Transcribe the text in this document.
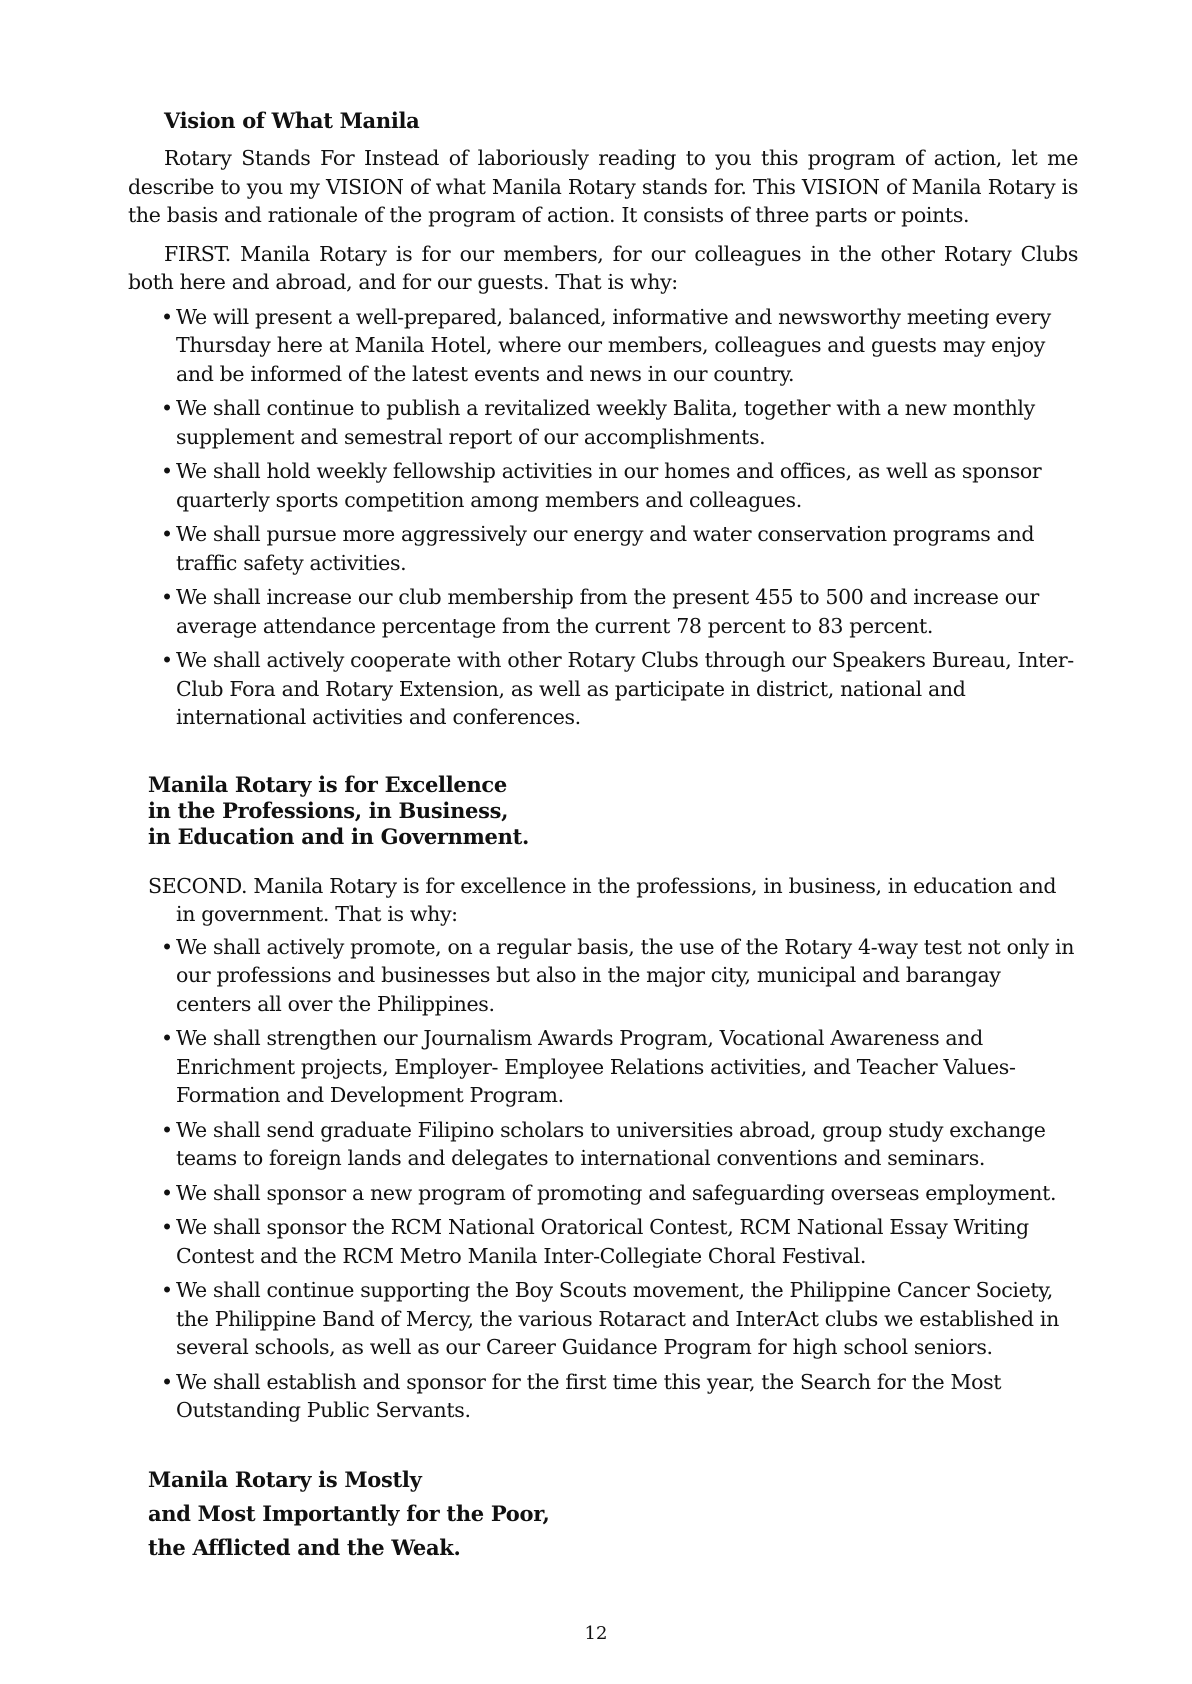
Vision of What Manila

Rotary Stands For Instead of laboriously reading to you this program of action, let me describe to you my VISION of what Manila Rotary stands for. This VISION of Manila Rotary is the basis and rationale of the program of action. It consists of three parts or points.

FIRST. Manila Rotary is for our members, for our colleagues in the other Rotary Clubs both here and abroad, and for our guests. That is why:

• We will present a well-prepared, balanced, informative and newsworthy meeting every Thursday here at Manila Hotel, where our members, colleagues and guests may enjoy and be informed of the latest events and news in our country.
• We shall continue to publish a revitalized weekly Balita, together with a new monthly supplement and semestral report of our accomplishments.
• We shall hold weekly fellowship activities in our homes and offices, as well as sponsor quarterly sports competition among members and colleagues.
• We shall pursue more aggressively our energy and water conservation programs and traffic safety activities.
• We shall increase our club membership from the present 455 to 500 and increase our average attendance percentage from the current 78 percent to 83 percent.
• We shall actively cooperate with other Rotary Clubs through our Speakers Bureau, Inter-Club Fora and Rotary Extension, as well as participate in district, national and international activities and conferences.
Manila Rotary is for Excellence
in the Professions, in Business,
in Education and in Government.

SECOND. Manila Rotary is for excellence in the professions, in business, in education and in government. That is why:

• We shall actively promote, on a regular basis, the use of the Rotary 4-way test not only in our professions and businesses but also in the major city, municipal and barangay centers all over the Philippines.
• We shall strengthen our Journalism Awards Program, Vocational Awareness and Enrichment projects, Employer- Employee Relations activities, and Teacher Values-Formation and Development Program.
• We shall send graduate Filipino scholars to universities abroad, group study exchange teams to foreign lands and delegates to international conventions and seminars.
• We shall sponsor a new program of promoting and safeguarding overseas employment.
• We shall sponsor the RCM National Oratorical Contest, RCM National Essay Writing Contest and the RCM Metro Manila Inter-Collegiate Choral Festival.
• We shall continue supporting the Boy Scouts movement, the Philippine Cancer Society, the Philippine Band of Mercy, the various Rotaract and InterAct clubs we established in several schools, as well as our Career Guidance Program for high school seniors.
• We shall establish and sponsor for the first time this year, the Search for the Most Outstanding Public Servants.
Manila Rotary is Mostly
and Most Importantly for the Poor,
the Afflicted and the Weak.
12
